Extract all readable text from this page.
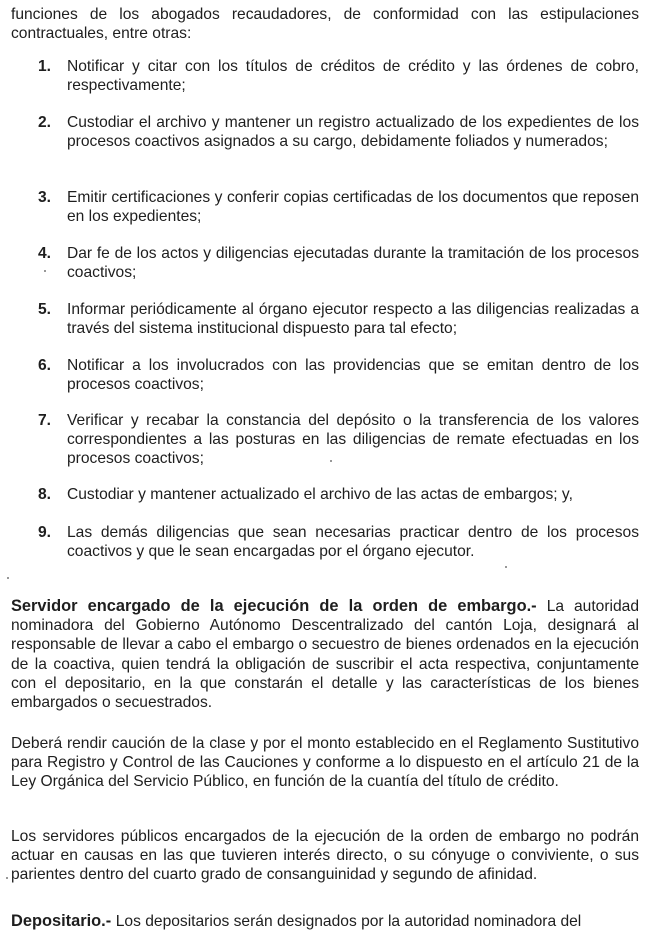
funciones de los abogados recaudadores, de conformidad con las estipulaciones contractuales, entre otras:
1.	Notificar y citar con los títulos de créditos de crédito y las órdenes de cobro, respectivamente;
2.	Custodiar el archivo y mantener un registro actualizado de los expedientes de los procesos coactivos asignados a su cargo, debidamente foliados y numerados;
3.	Emitir certificaciones y conferir copias certificadas de los documentos que reposen en los expedientes;
4.	Dar fe de los actos y diligencias ejecutadas durante la tramitación de los procesos coactivos;
5.	Informar periódicamente al órgano ejecutor respecto a las diligencias realizadas a través del sistema institucional dispuesto para tal efecto;
6.	Notificar a los involucrados con las providencias que se emitan dentro de los procesos coactivos;
7.	Verificar y recabar la constancia del depósito o la transferencia de los valores correspondientes a las posturas en las diligencias de remate efectuadas en los procesos coactivos;
8.	Custodiar y mantener actualizado el archivo de las actas de embargos; y,
9.	Las demás diligencias que sean necesarias practicar dentro de los procesos coactivos y que le sean encargadas por el órgano ejecutor.
Servidor encargado de la ejecución de la orden de embargo.- La autoridad nominadora del Gobierno Autónomo Descentralizado del cantón Loja, designará al responsable de llevar a cabo el embargo o secuestro de bienes ordenados en la ejecución de la coactiva, quien tendrá la obligación de suscribir el acta respectiva, conjuntamente con el depositario, en la que constarán el detalle y las características de los bienes embargados o secuestrados.
Deberá rendir caución de la clase y por el monto establecido en el Reglamento Sustitutivo para Registro y Control de las Cauciones y conforme a lo dispuesto en el artículo 21 de la Ley Orgánica del Servicio Público, en función de la cuantía del título de crédito.
Los servidores públicos encargados de la ejecución de la orden de embargo no podrán actuar en causas en las que tuvieren interés directo, o su cónyuge o conviviente, o sus parientes dentro del cuarto grado de consanguinidad y segundo de afinidad.
Depositario.- Los depositarios serán designados por la autoridad nominadora del
